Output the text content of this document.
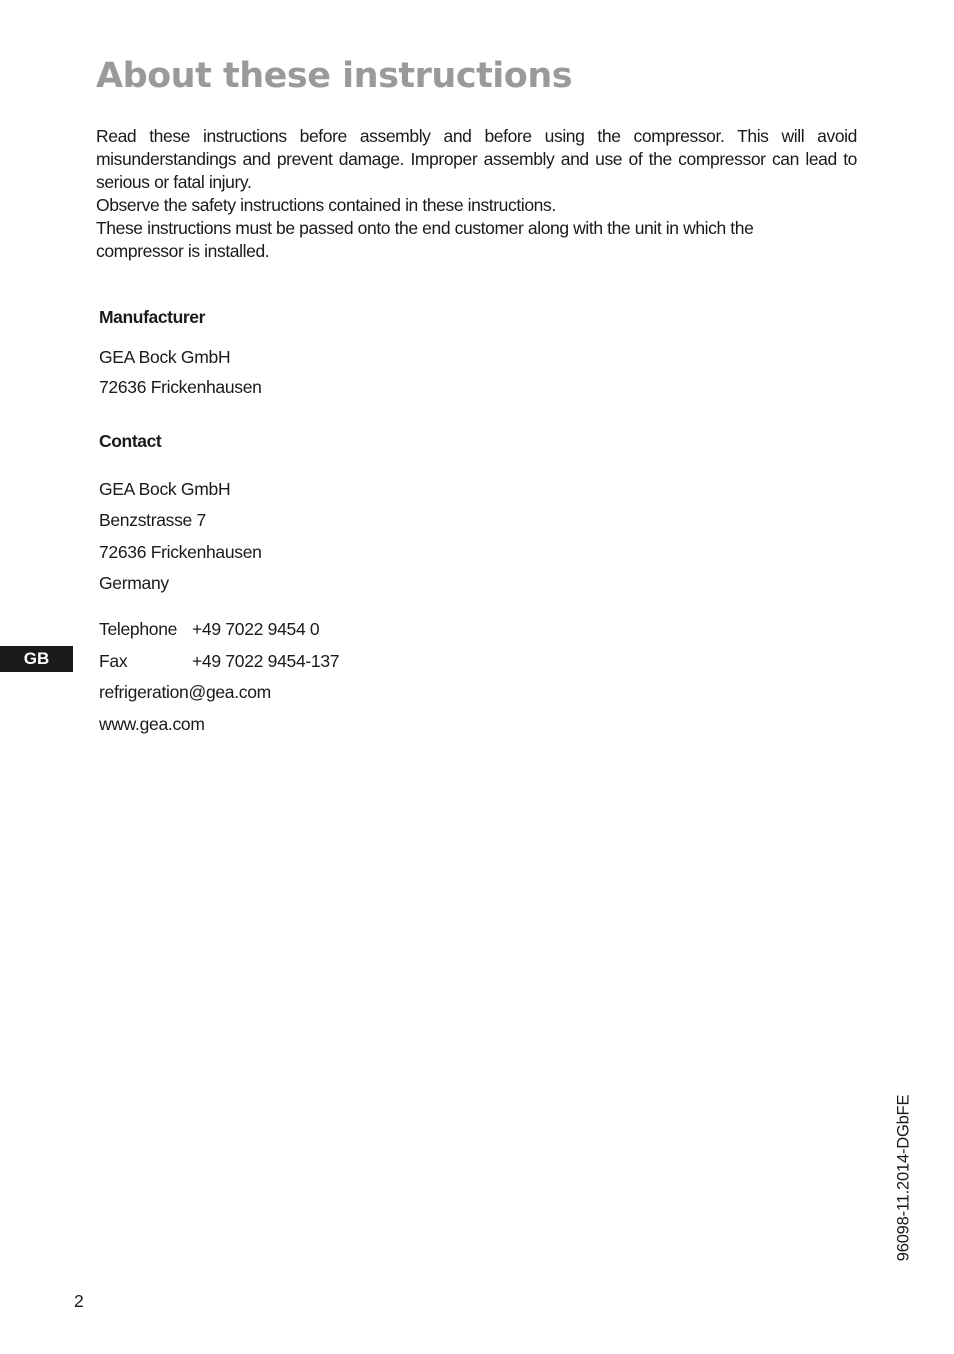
About these instructions

Read these instructions before assembly and before using the compressor. This will avoid misunderstandings and prevent damage. Improper assembly and use of the compressor can lead to serious or fatal injury.

Observe the safety instructions contained in these instructions.

These instructions must be passed onto the end customer along with the unit in which the
compressor is installed.

Manufacturer
GEA Bock GmbH
72636 Frickenhausen
Contact
GEA Bock GmbH
Benzstrasse 7
72636 Frickenhausen
Germany
Telephone +49 7022 9454 0
Fax	+49 7022 9454-137
refrigeration@gea.com
www.gea.com
GB
96098-11.2014-DGbFE
2
